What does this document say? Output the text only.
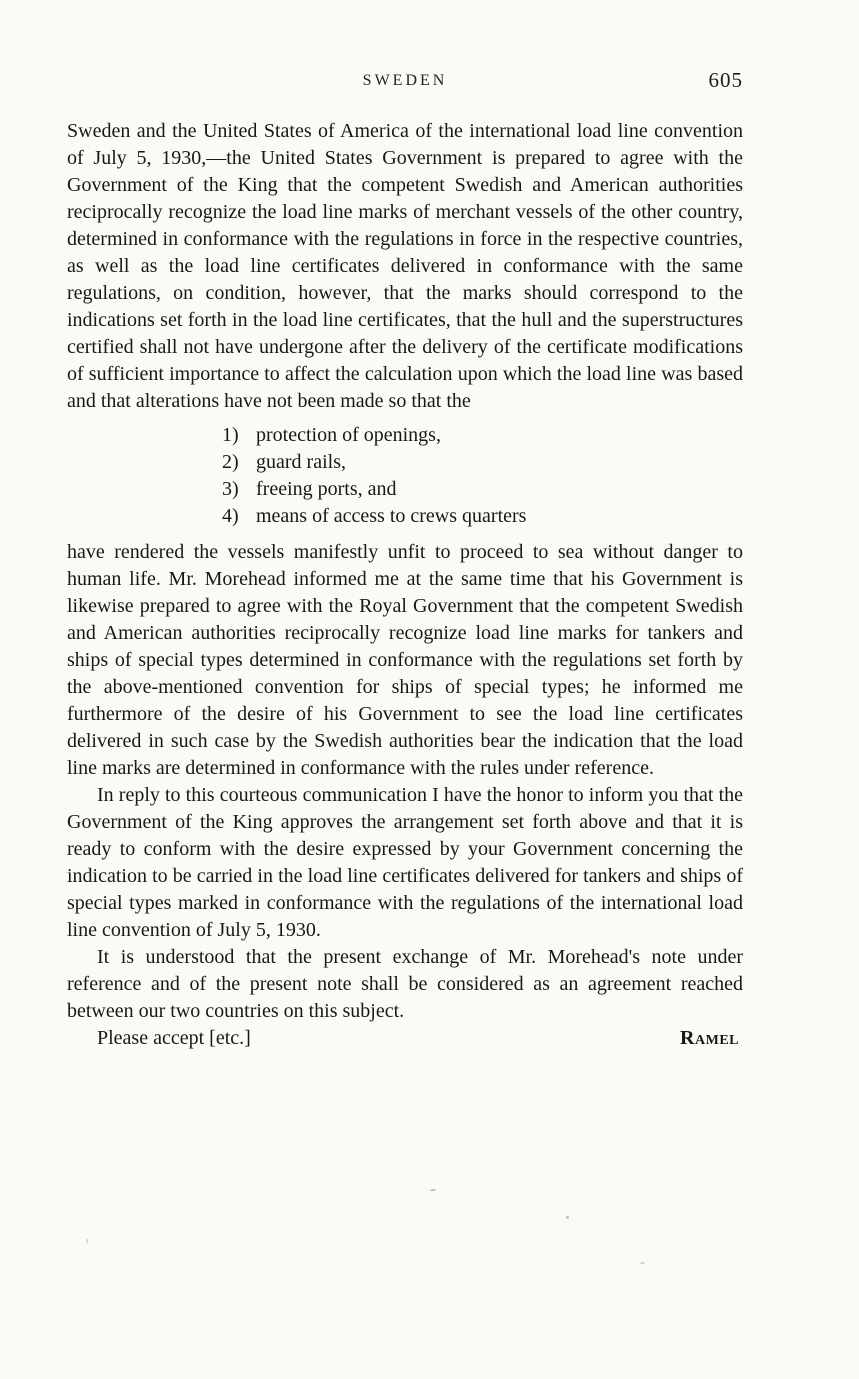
SWEDEN	605

Sweden and the United States of America of the international load line convention of July 5, 1930,—the United States Government is prepared to agree with the Government of the King that the competent Swedish and American authorities reciprocally recognize the load line marks of merchant vessels of the other country, determined in conformance with the regulations in force in the respective countries, as well as the load line certificates delivered in conformance with the same regulations, on condition, however, that the marks should correspond to the indications set forth in the load line certificates, that the hull and the superstructures certified shall not have undergone after the delivery of the certificate modifications of sufficient importance to affect the calculation upon which the load line was based and that alterations have not been made so that the

1) protection of openings,
2) guard rails,
3) freeing ports, and
4) means of access to crews quarters

have rendered the vessels manifestly unfit to proceed to sea without danger to human life. Mr. Morehead informed me at the same time that his Government is likewise prepared to agree with the Royal Government that the competent Swedish and American authorities reciprocally recognize load line marks for tankers and ships of special types determined in conformance with the regulations set forth by the above-mentioned convention for ships of special types; he informed me furthermore of the desire of his Government to see the load line certificates delivered in such case by the Swedish authorities bear the indication that the load line marks are determined in conformance with the rules under reference.

In reply to this courteous communication I have the honor to inform you that the Government of the King approves the arrangement set forth above and that it is ready to conform with the desire expressed by your Government concerning the indication to be carried in the load line certificates delivered for tankers and ships of special types marked in conformance with the regulations of the international load line convention of July 5, 1930.

It is understood that the present exchange of Mr. Morehead's note under reference and of the present note shall be considered as an agreement reached between our two countries on this subject.

Please accept [etc.]	Ramel
